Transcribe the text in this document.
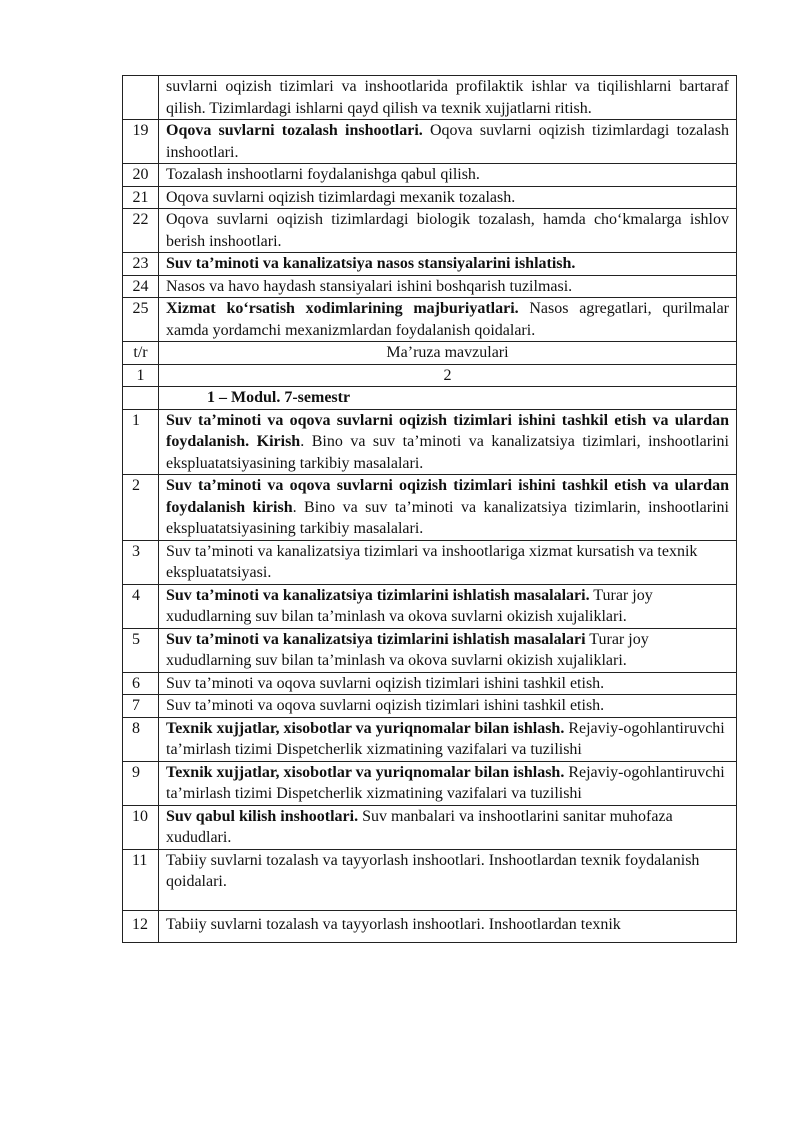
	suvlarni oqizish tizimlari va inshootlarida profilaktik ishlar va tiqilishlarni bartaraf qilish. Tizimlardagi ishlarni qayd qilish va texnik xujjatlarni ritish.
19	Oqova suvlarni tozalash inshootlari. Oqova suvlarni oqizish tizimlardagi tozalash inshootlari.
20	Tozalash inshootlarni foydalanishga qabul qilish.
21	Oqova suvlarni oqizish tizimlardagi mexanik tozalash.
22	Oqova suvlarni oqizish tizimlardagi biologik tozalash, hamda cho‘kmalarga ishlov berish inshootlari.
23	Suv ta’minoti va kanalizatsiya nasos stansiyalarini ishlatish.
24	Nasos va havo haydash stansiyalari ishini boshqarish tuzilmasi.
25	Xizmat ko‘rsatish xodimlarining majburiyatlari. Nasos agregatlari, qurilmalar xamda yordamchi mexanizmlardan foydalanish qoidalari.
t/r	Ma’ruza mavzulari
1	2
	1 – Modul. 7-semestr
1	Suv ta’minoti va oqova suvlarni oqizish tizimlari ishini tashkil etish va ulardan foydalanish. Kirish. Bino va suv ta’minoti va kanalizatsiya tizimlari, inshootlarini ekspluatatsiyasining tarkibiy masalalari.
2	Suv ta’minoti va oqova suvlarni oqizish tizimlari ishini tashkil etish va ulardan foydalanish kirish. Bino va suv ta’minoti va kanalizatsiya tizimlarin, inshootlarini ekspluatatsiyasining tarkibiy masalalari.
3	Suv ta’minoti va kanalizatsiya tizimlari va inshootlariga xizmat kursatish va texnik ekspluatatsiyasi.
4	Suv ta’minoti va kanalizatsiya tizimlarini ishlatish masalalari. Turar joy xududlarning suv bilan ta’minlash va okova suvlarni okizish xujaliklari.
5	Suv ta’minoti va kanalizatsiya tizimlarini ishlatish masalalari Turar joy xududlarning suv bilan ta’minlash va okova suvlarni okizish xujaliklari.
6	Suv ta’minoti va oqova suvlarni oqizish tizimlari ishini tashkil etish.
7	Suv ta’minoti va oqova suvlarni oqizish tizimlari ishini tashkil etish.
8	Texnik xujjatlar, xisobotlar va yuriqnomalar bilan ishlash. Rejaviy-ogohlantiruvchi ta’mirlash tizimi Dispetcherlik xizmatining vazifalari va tuzilishi
9	Texnik xujjatlar, xisobotlar va yuriqnomalar bilan ishlash. Rejaviy-ogohlantiruvchi ta’mirlash tizimi Dispetcherlik xizmatining vazifalari va tuzilishi
10	Suv qabul kilish inshootlari. Suv manbalari va inshootlarini sanitar muhofaza xududlari.
11	Tabiiy suvlarni tozalash va tayyorlash inshootlari. Inshootlardan texnik foydalanish qoidalari.
12	Tabiiy suvlarni tozalash va tayyorlash inshootlari. Inshootlardan texnik
